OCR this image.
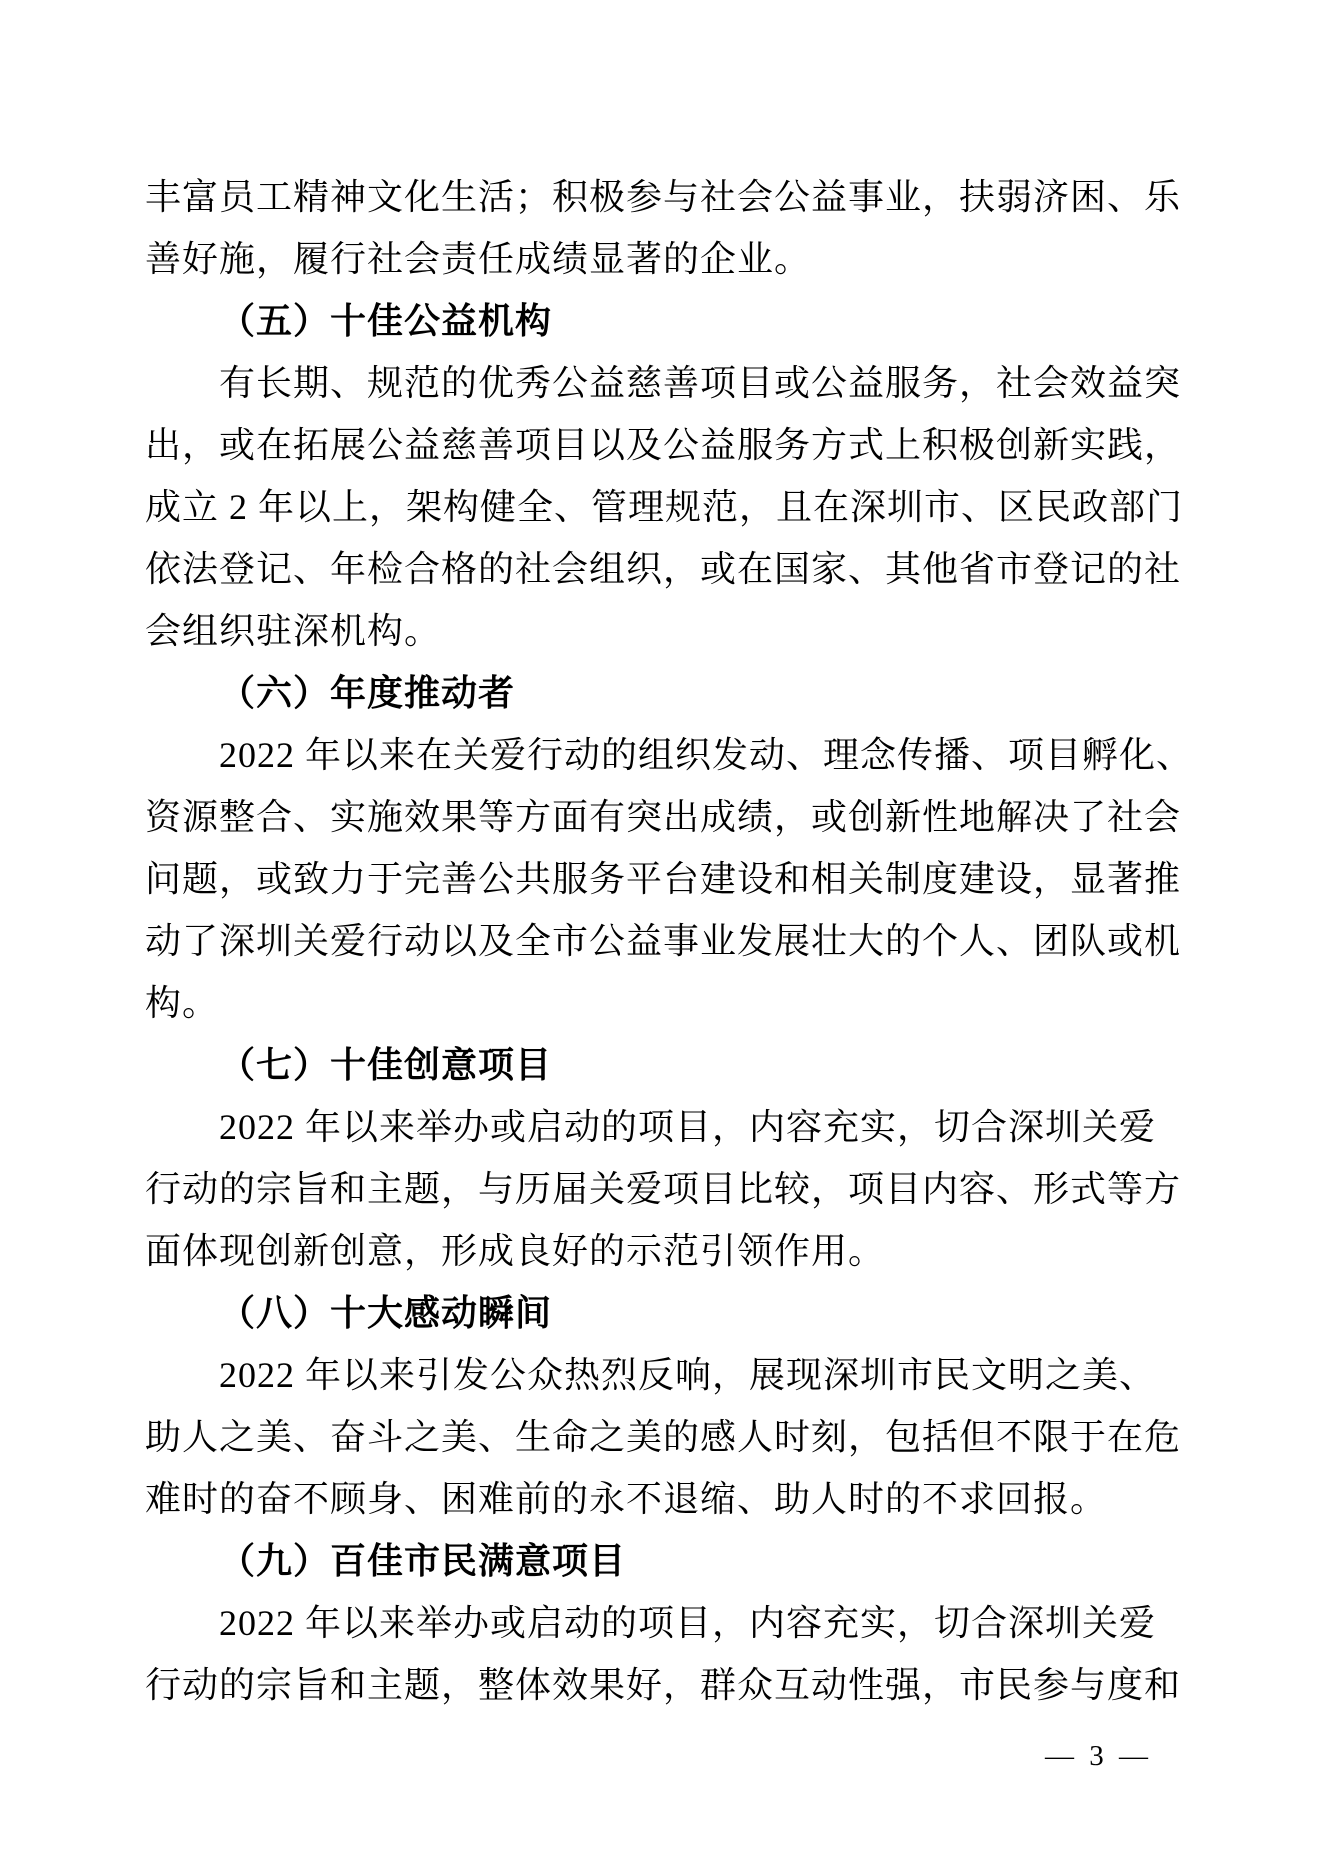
丰富员工精神文化生活；积极参与社会公益事业，扶弱济困、乐
善好施，履行社会责任成绩显著的企业。
（五）十佳公益机构
有长期、规范的优秀公益慈善项目或公益服务，社会效益突
出，或在拓展公益慈善项目以及公益服务方式上积极创新实践，
成立 2 年以上，架构健全、管理规范，且在深圳市、区民政部门
依法登记、年检合格的社会组织，或在国家、其他省市登记的社
会组织驻深机构。
（六）年度推动者
2022 年以来在关爱行动的组织发动、理念传播、项目孵化、
资源整合、实施效果等方面有突出成绩，或创新性地解决了社会
问题，或致力于完善公共服务平台建设和相关制度建设，显著推
动了深圳关爱行动以及全市公益事业发展壮大的个人、团队或机
构。
（七）十佳创意项目
2022 年以来举办或启动的项目，内容充实，切合深圳关爱
行动的宗旨和主题，与历届关爱项目比较，项目内容、形式等方
面体现创新创意，形成良好的示范引领作用。
（八）十大感动瞬间
2022 年以来引发公众热烈反响，展现深圳市民文明之美、
助人之美、奋斗之美、生命之美的感人时刻，包括但不限于在危
难时的奋不顾身、困难前的永不退缩、助人时的不求回报。
（九）百佳市民满意项目
2022 年以来举办或启动的项目，内容充实，切合深圳关爱
行动的宗旨和主题，整体效果好，群众互动性强，市民参与度和
— 3 —
